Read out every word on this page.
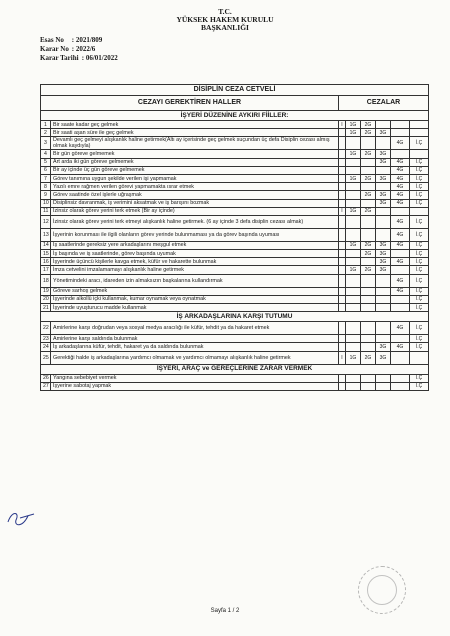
T.C.
YÜKSEK HAKEM KURULU
BAŞKANLIĞI
Esas No : 2021/809
Karar No : 2022/6
Karar Tarihi : 06/01/2022
DİSİPLİN CEZA CETVELİ							
CEZAYI GEREKTİREN HALLER		CEZALAR					
İŞYERİ DÜZENİNE AYKIRI FİİLLER:							
1	Bir saate kadar geç gelmek	I	1G	2G			
2	Bir saati aşan süre ile geç gelmek		1G	2G	3G		
3	Devamlı geç gelmeyi alışkanlık haline getirmek(Altı ay içerisinde geç gelmek suçundan üç defa Disiplin cezası almış olmak kaydıyla)					4G	İ.Ç
4	Bir gün göreve gelmemek		1G	2G	3G		
5	Art arda iki gün göreve gelmemek				3G	4G	İ.Ç
6	Bir ay içinde üç gün göreve gelmemek					4G	İ.Ç
7	Görev tanımına uygun şekilde verilen işi yapmamak		1G	2G	3G	4G	İ.Ç
8	Yazılı emre rağmen verilen görevi yapmamakta ısrar etmek					4G	İ.Ç
9	Görev saatinde özel işlerle uğraşmak			2G	3G	4G	İ.Ç
10	Disiplinsiz davranmak, iş verimini aksatmak ve iş barışını bozmak				3G	4G	İ.Ç
11	İzinsiz olarak görev yerini terk etmek (Bir ay içinde)	I	1G	2G			
12	İzinsiz olarak görev yerini terk etmeyi alışkanlık haline getirmek. (6 ay içinde 3 defa disiplin cezası almak)					4G	İ.Ç
13	İşyerinin korunması ile ilgili olanların görev yerinde bulunmaması ya da görev başında uyuması					4G	İ.Ç
14	İş saatlerinde gereksiz yere arkadaşlarını meşgul etmek		1G	2G	3G	4G	İ.Ç
15	İş başında ve iş saatlerinde, görev başında uyumak			2G	3G		İ.Ç
16	İşyerinde üçüncü kişilerle kavga etmek, küfür ve hakarette bulunmak				3G	4G	İ.Ç
17	İmza cetvelini imzalamamayı alışkanlık haline getirmek		1G	2G	3G		İ.Ç
18	Yönetimindeki aracı, idareden izin almaksızın başkalarına kullandırmak					4G	İ.Ç
19	Göreve sarhoş gelmek					4G	İ.Ç
20	İşyerinde alkollü içki kullanmak, kumar oynamak veya oynatmak						İ.Ç
21	İşyerinde uyuşturucu madde kullanmak						İ.Ç
İŞ ARKADAŞLARINA KARŞI TUTUMU							
22	Amirlerine karşı doğrudan veya sosyal medya aracılığı ile küfür, tehdit ya da hakaret etmek					4G	İ.Ç
23	Amirlerine karşı saldırıda bulunmak						İ.Ç
24	İş arkadaşlarına küfür, tehdit, hakaret ya da saldırıda bulunmak				3G	4G	İ.Ç
25	Gerektiği halde iş arkadaşlarına yardımcı olmamak ve yardımcı olmamayı alışkanlık haline getirmek	I	1G	2G	3G		
İŞYERİ, ARAÇ ve GEREÇLERİNE ZARAR VERMEK							
26	Yangına sebebiyet vermek						İ.Ç
27	İşyerine sabotaj yapmak						İ.Ç
Sayfa 1 / 2
